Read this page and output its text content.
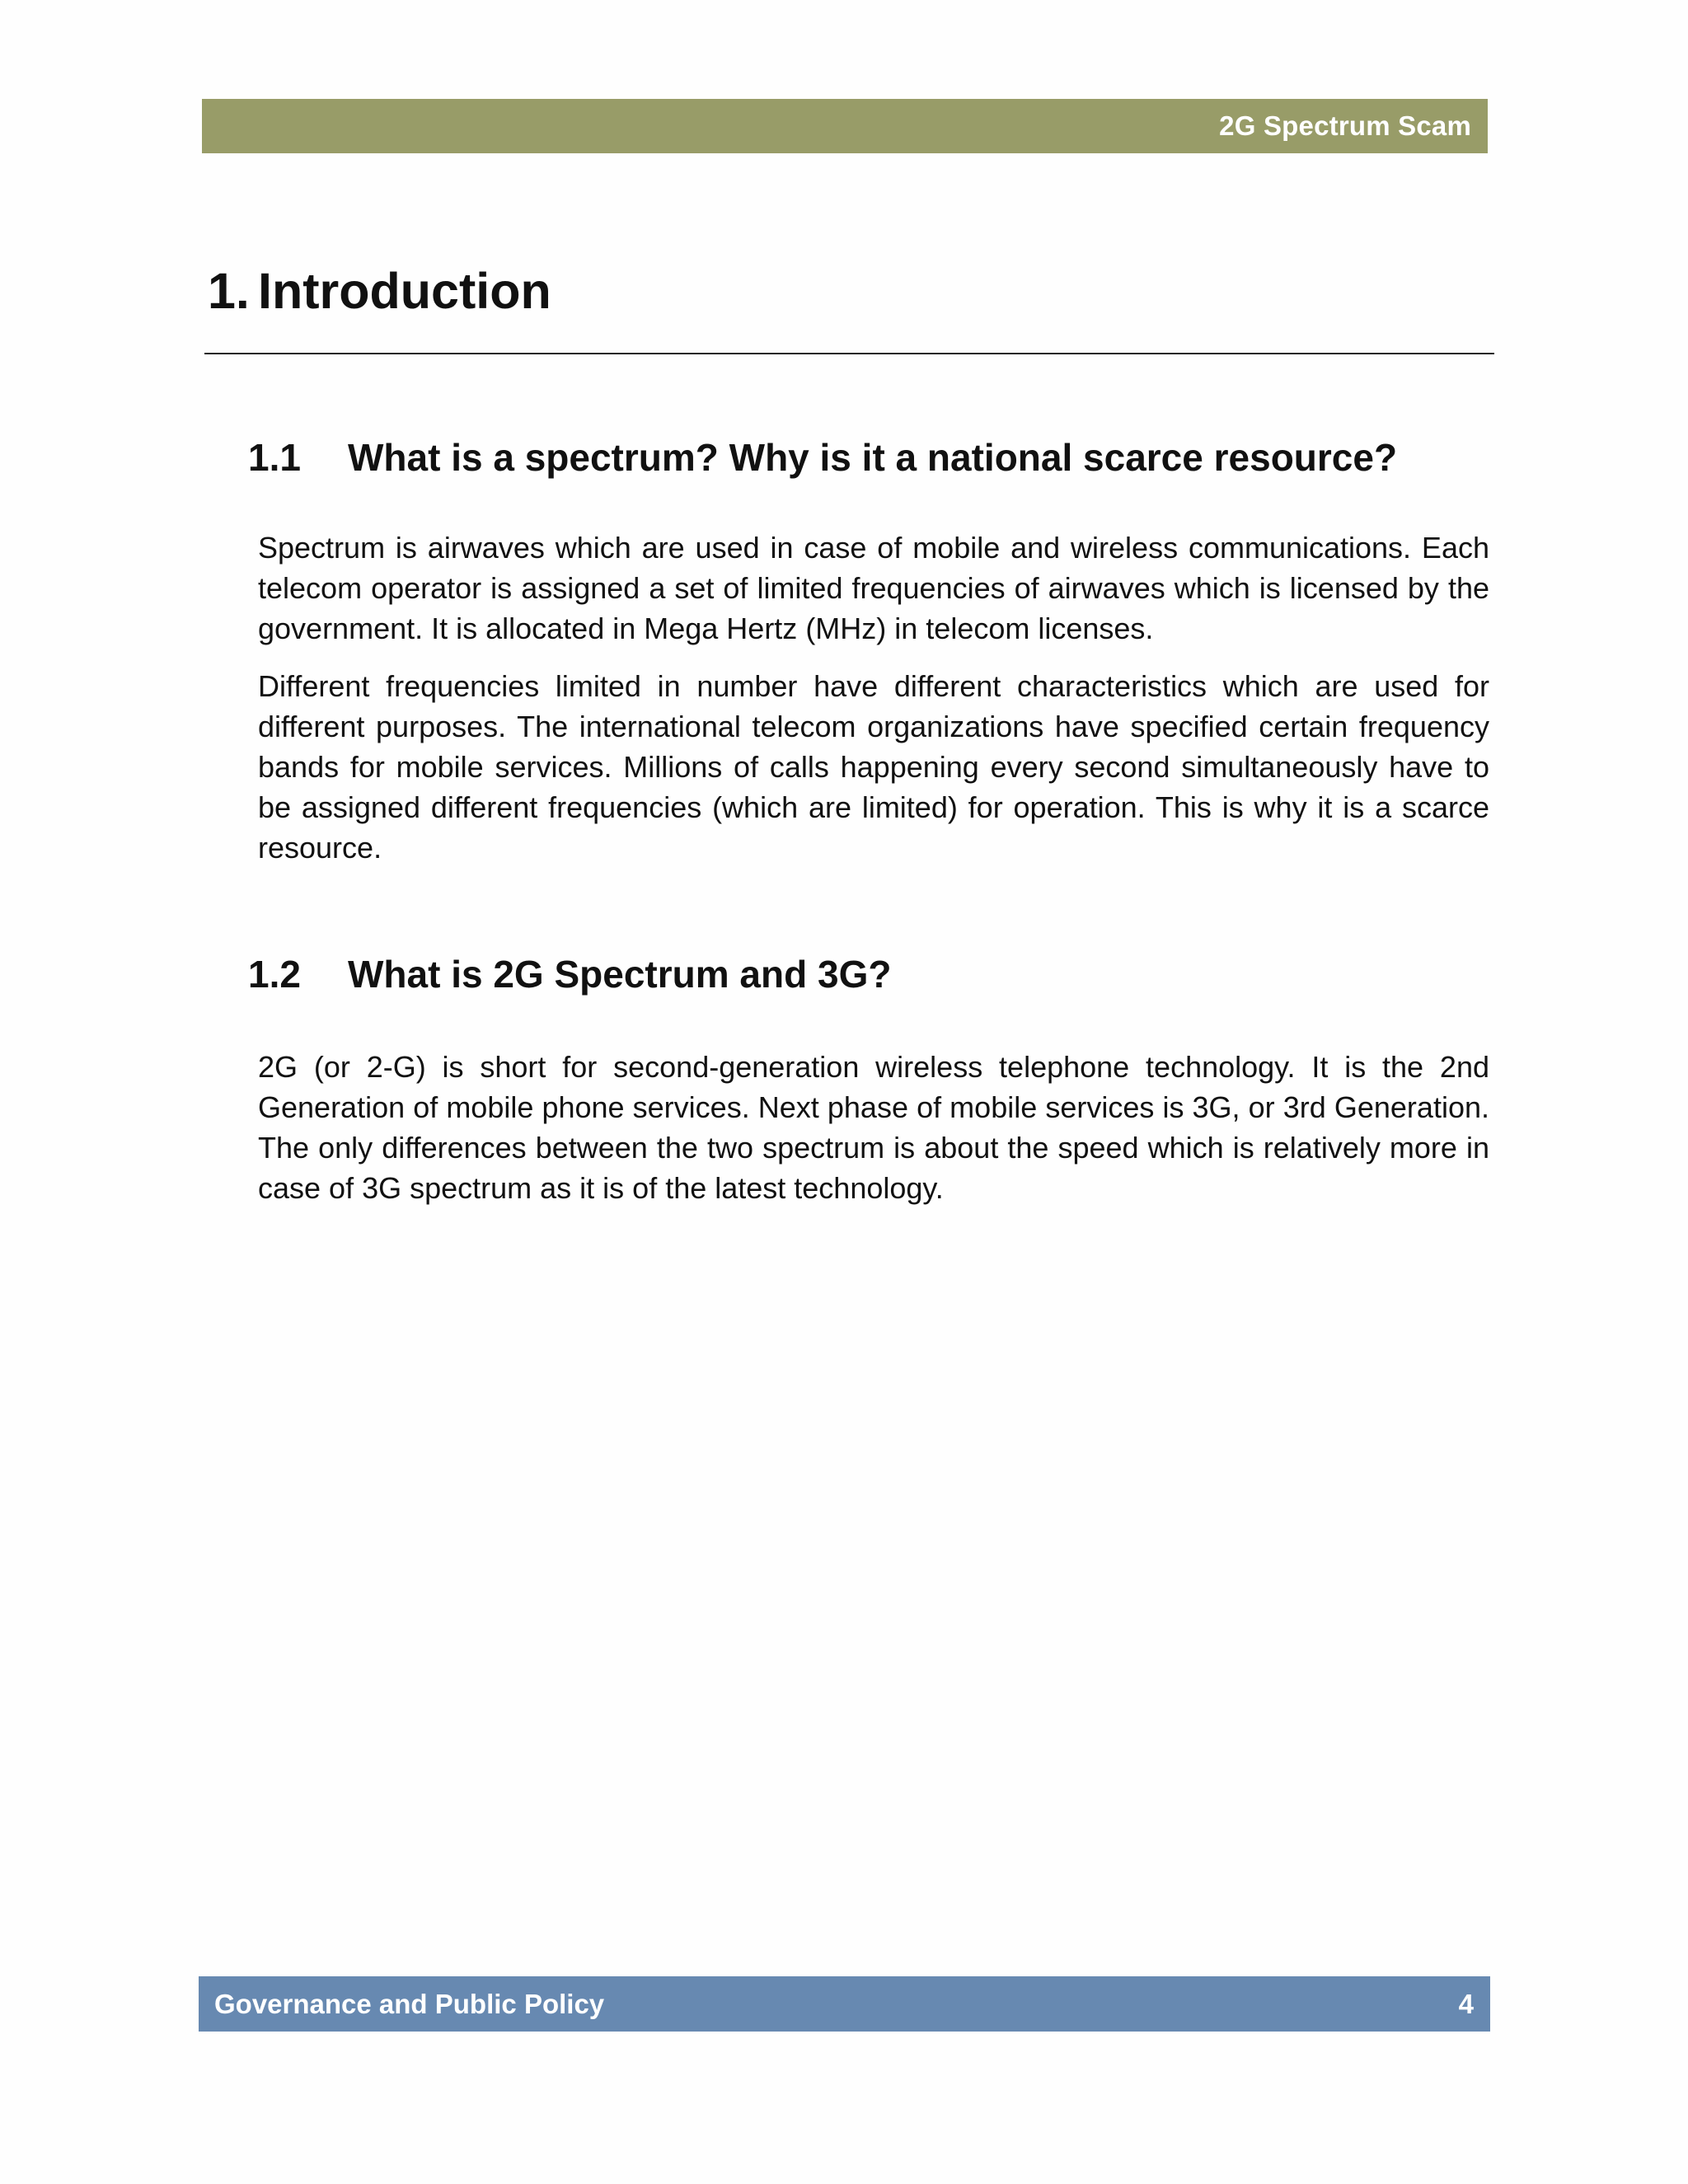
2G Spectrum Scam
1. Introduction
1.1 What is a spectrum? Why is it a national scarce resource?

Spectrum is airwaves which are used in case of mobile and wireless communications. Each telecom operator is assigned a set of limited frequencies of airwaves which is licensed by the government. It is allocated in Mega Hertz (MHz) in telecom licenses.

Different frequencies limited in number have different characteristics which are used for different purposes. The international telecom organizations have specified certain frequency bands for mobile services. Millions of calls happening every second simultaneously have to be assigned different frequencies (which are limited) for operation. This is why it is a scarce resource.

1.2 What is 2G Spectrum and 3G?

2G (or 2-G) is short for second-generation wireless telephone technology. It is the 2nd Generation of mobile phone services. Next phase of mobile services is 3G, or 3rd Generation. The only differences between the two spectrum is about the speed which is relatively more in case of 3G spectrum as it is of the latest technology.

Governance and Public Policy	4
